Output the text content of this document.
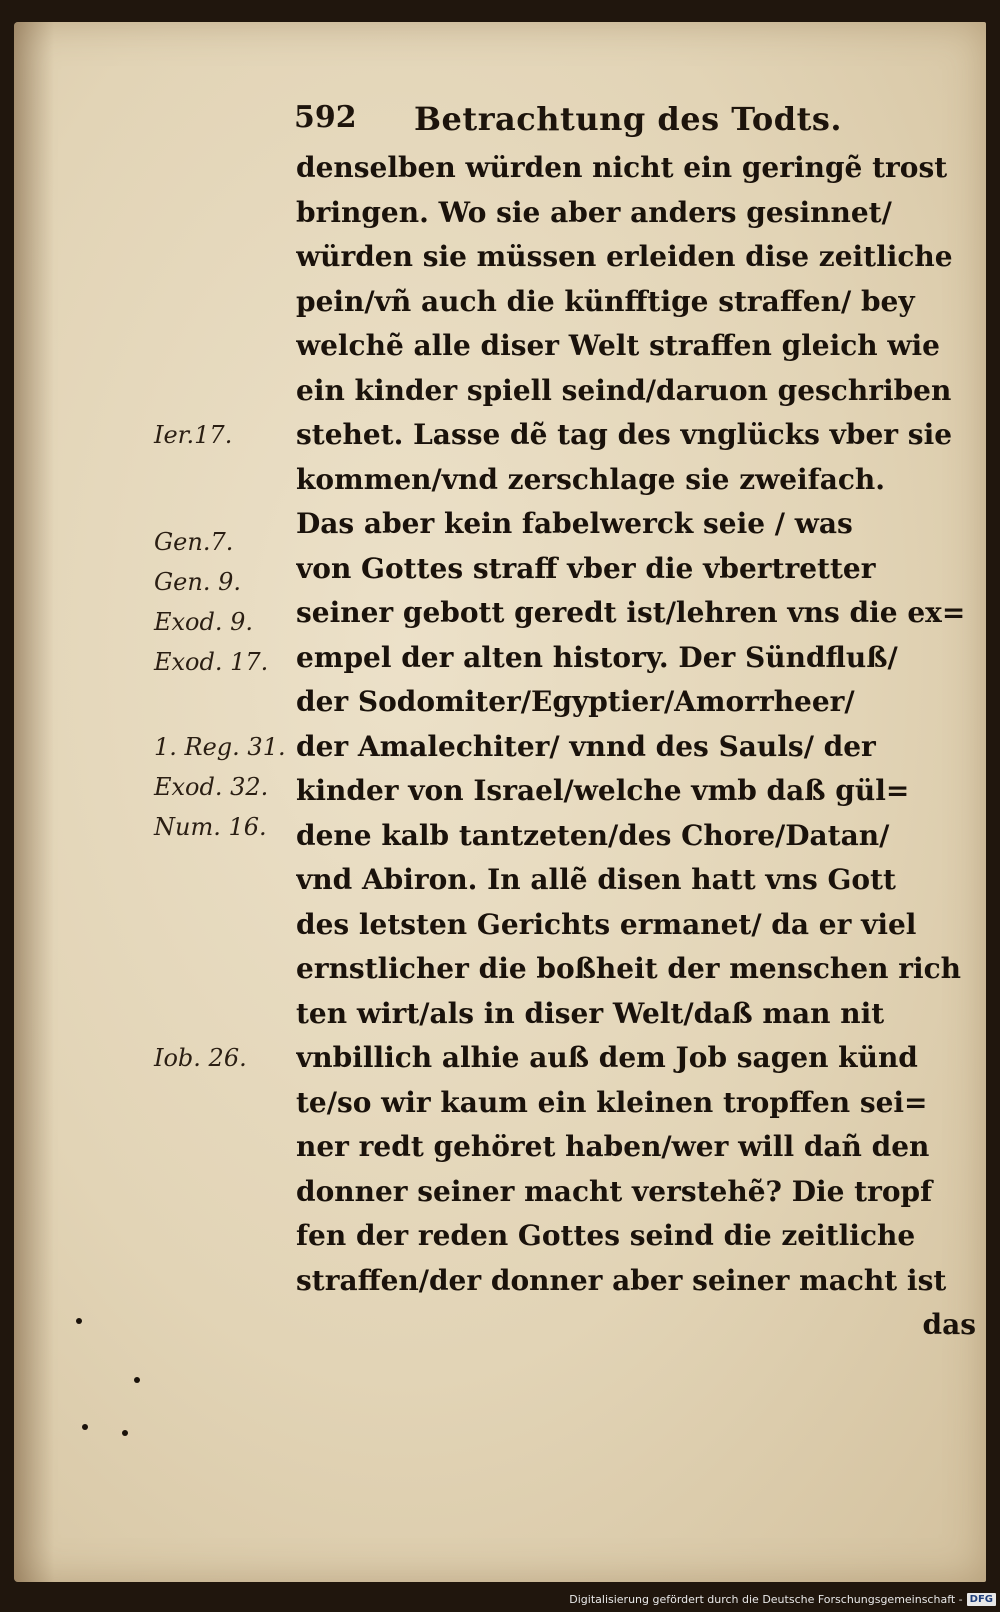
592 Betrachtung des Todts.
Ier.17.
Gen.7.
Gen. 9.
Exod. 9.
Exod. 17.
1. Reg. 31.
Exod. 32.
Num. 16.
Iob. 26.
denselben würden nicht ein geringẽ trost
bringen. Wo sie aber anders gesinnet/
würden sie müssen erleiden dise zeitliche
pein/vñ auch die künfftige straffen/ bey
welchẽ alle diser Welt straffen gleich wie
ein kinder spiell seind/daruon geschriben
stehet. Lasse dẽ tag des vnglücks vber sie
kommen/vnd zerschlage sie zweifach.
Das aber kein fabelwerck seie / was
von Gottes straff vber die vbertretter
seiner gebott geredt ist/lehren vns die ex=
empel der alten history. Der Sündfluß/
der Sodomiter/Egyptier/Amorrheer/
der Amalechiter/ vnnd des Sauls/ der
kinder von Israel/welche vmb daß gül=
dene kalb tantzeten/des Chore/Datan/
vnd Abiron. In allẽ disen hatt vns Gott
des letsten Gerichts ermanet/ da er viel
ernstlicher die boßheit der menschen rich
ten wirt/als in diser Welt/daß man nit
vnbillich alhie auß dem Job sagen künd
te/so wir kaum ein kleinen tropffen sei=
ner redt gehöret haben/wer will dañ den
donner seiner macht verstehẽ? Die tropf
fen der reden Gottes seind die zeitliche
straffen/der donner aber seiner macht ist
das
Digitalisierung gefördert durch die Deutsche Forschungsgemeinschaft - DFG
